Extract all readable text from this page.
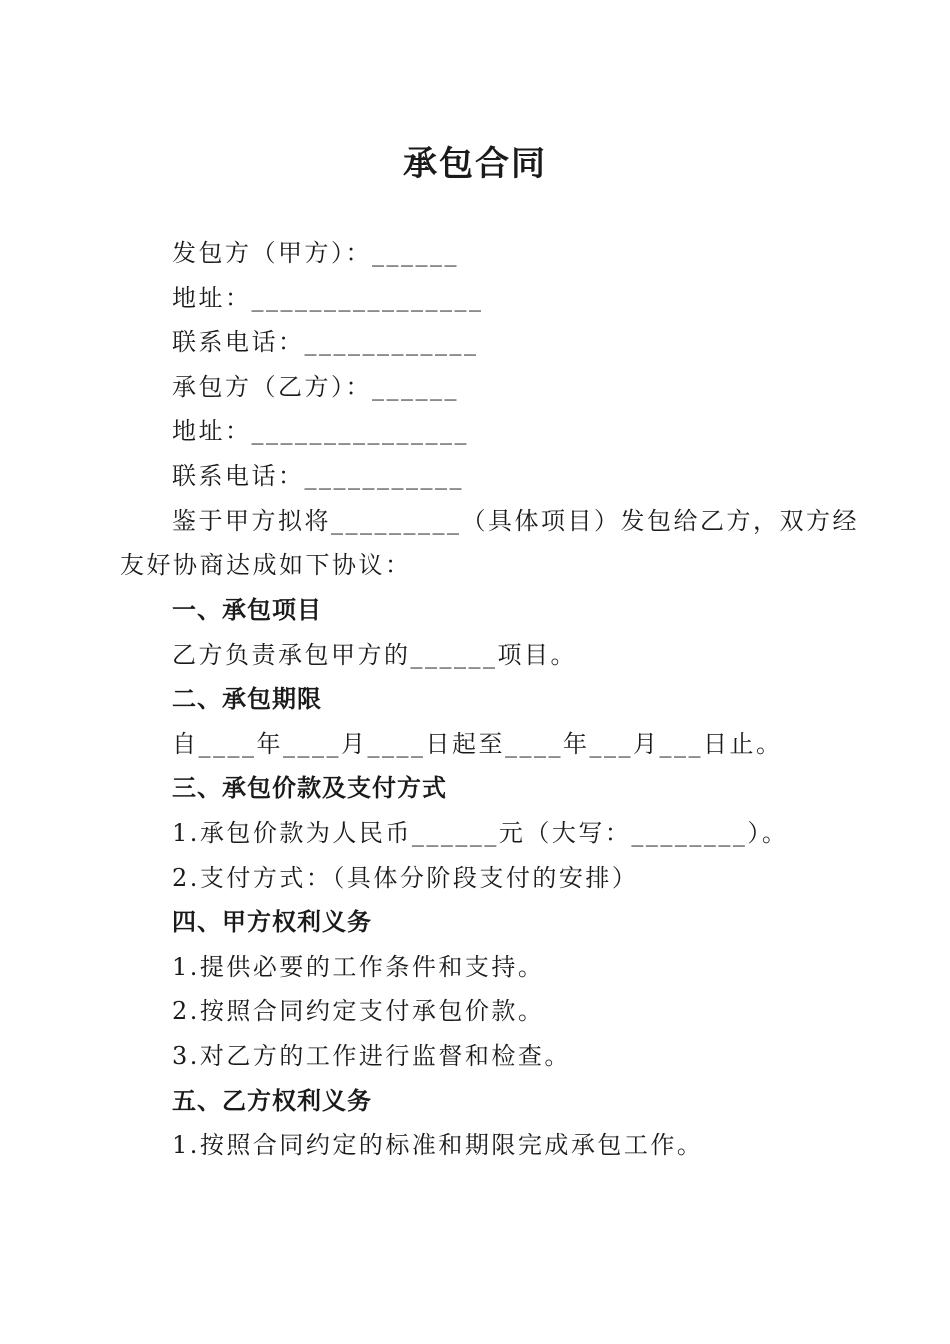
承包合同
发包方（甲方）：______
地址：________________
联系电话：____________
承包方（乙方）：______
地址：_______________
联系电话：___________
鉴于甲方拟将_________（具体项目）发包给乙方，双方经
友好协商达成如下协议：
一、承包项目
乙方负责承包甲方的______项目。
二、承包期限
自____年____月____日起至____年___月___日止。
三、承包价款及支付方式
1.承包价款为人民币______元（大写：________）。
2.支付方式：（具体分阶段支付的安排）
四、甲方权利义务
1.提供必要的工作条件和支持。
2.按照合同约定支付承包价款。
3.对乙方的工作进行监督和检查。
五、乙方权利义务
1.按照合同约定的标准和期限完成承包工作。
